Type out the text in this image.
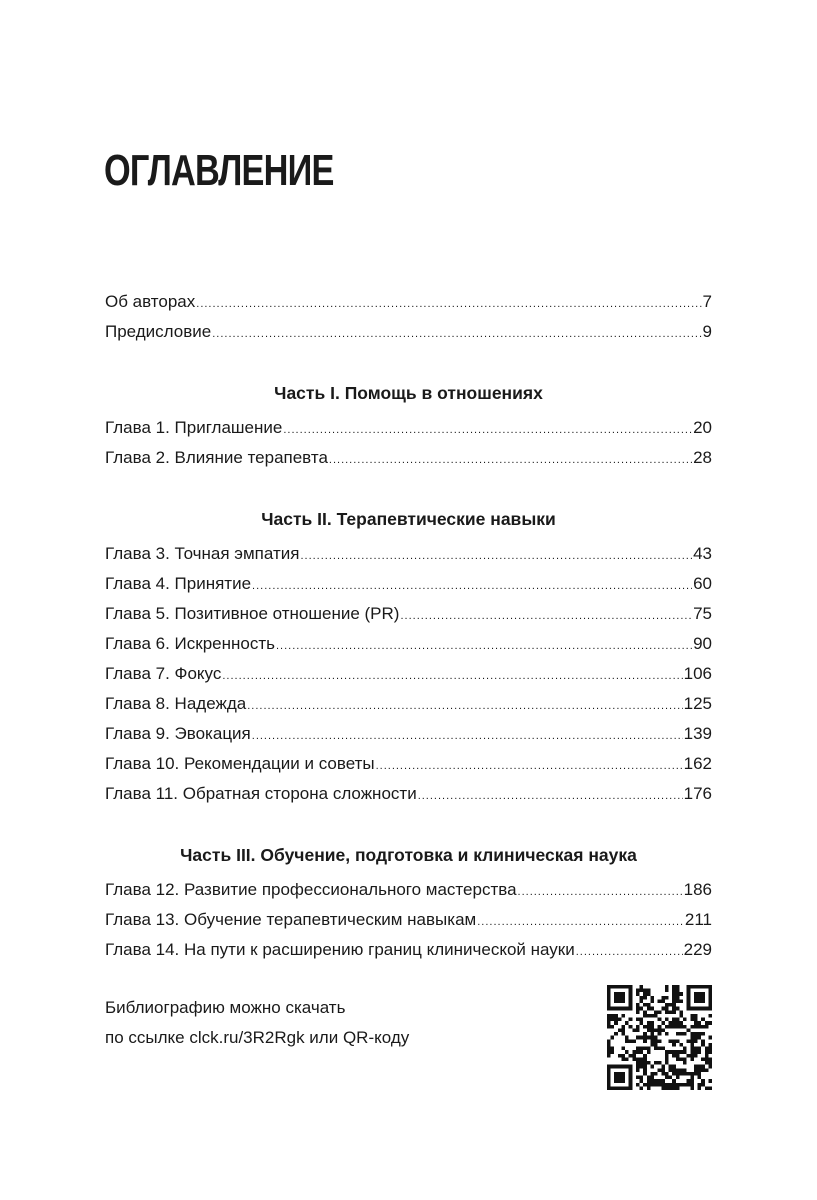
ОГЛАВЛЕНИЕ
Об авторах .....	7
Предисловие .....	9
Часть I. Помощь в отношениях
Глава 1. Приглашение .....	20
Глава 2. Влияние терапевта .....	28
Часть II. Терапевтические навыки
Глава 3. Точная эмпатия .....	43
Глава 4. Принятие .....	60
Глава 5. Позитивное отношение (PR) .....	75
Глава 6. Искренность .....	90
Глава 7. Фокус .....	106
Глава 8. Надежда .....	125
Глава 9. Эвокация .....	139
Глава 10. Рекомендации и советы .....	162
Глава 11. Обратная сторона сложности .....	176
Часть III. Обучение, подготовка и клиническая наука
Глава 12. Развитие профессионального мастерства .....	186
Глава 13. Обучение терапевтическим навыкам .....	211
Глава 14. На пути к расширению границ клинической науки .....	229
Библиографию можно скачать
по ссылке clck.ru/3R2Rgk или QR-коду
